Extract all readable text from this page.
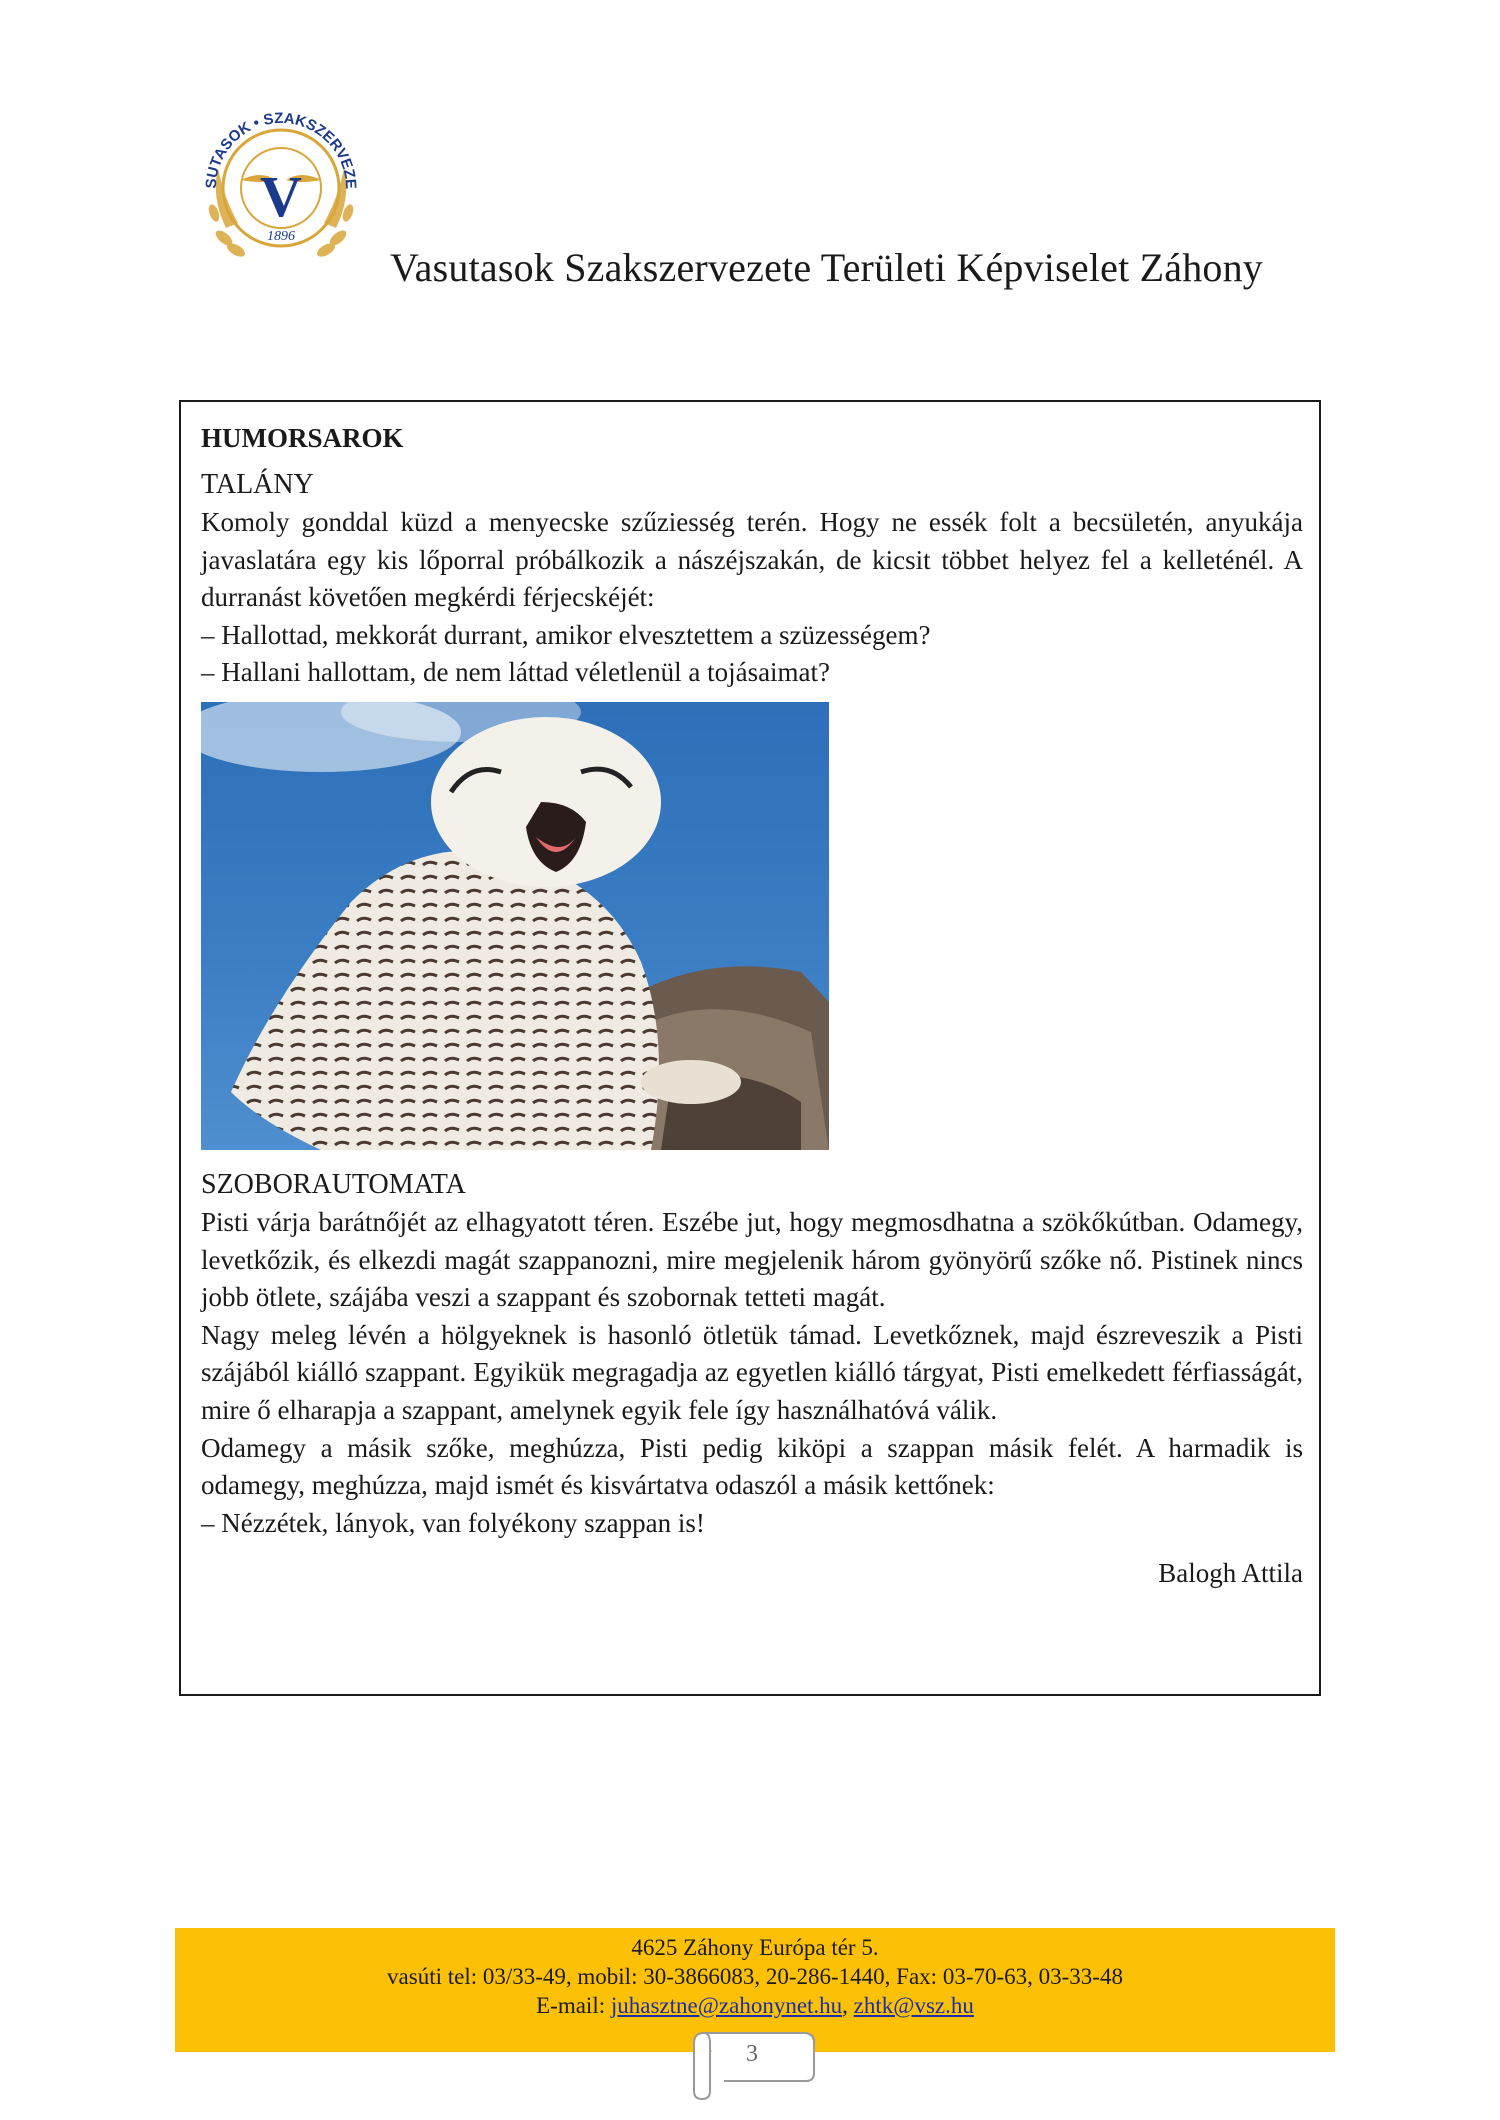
SUTASOK • SZAKSZERVEZE
V
1896
Vasutasok Szakszervezete Területi Képviselet Záhony
HUMORSAROK
TALÁNY

Komoly gonddal küzd a menyecske szűziesség terén. Hogy ne essék folt a becsületén, anyukája javaslatára egy kis lőporral próbálkozik a nászéjszakán, de kicsit többet helyez fel a kelleténél. A durranást követően megkérdi férjecskéjét:

– Hallottad, mekkorát durrant, amikor elvesztettem a szüzességem?
– Hallani hallottam, de nem láttad véletlenül a tojásaimat?
SZOBORAUTOMATA

Pisti várja barátnőjét az elhagyatott téren. Eszébe jut, hogy megmosdhatna a szökőkútban. Odamegy, levetkőzik, és elkezdi magát szappanozni, mire megjelenik három gyönyörű szőke nő. Pistinek nincs jobb ötlete, szájába veszi a szappant és szobornak tetteti magát.

Nagy meleg lévén a hölgyeknek is hasonló ötletük támad. Levetkőznek, majd észreveszik a Pisti szájából kiálló szappant. Egyikük megragadja az egyetlen kiálló tárgyat, Pisti emelkedett férfiasságát, mire ő elharapja a szappant, amelynek egyik fele így használhatóvá válik.

Odamegy a másik szőke, meghúzza, Pisti pedig kiköpi a szappan másik felét. A harmadik is odamegy, meghúzza, majd ismét és kisvártatva odaszól a másik kettőnek:

– Nézzétek, lányok, van folyékony szappan is!
Balogh Attila
4625 Záhony Európa tér 5.
vasúti tel: 03/33-49, mobil: 30-3866083, 20-286-1440, Fax: 03-70-63, 03-33-48
E-mail: juhasztne@zahonynet.hu, zhtk@vsz.hu
3
